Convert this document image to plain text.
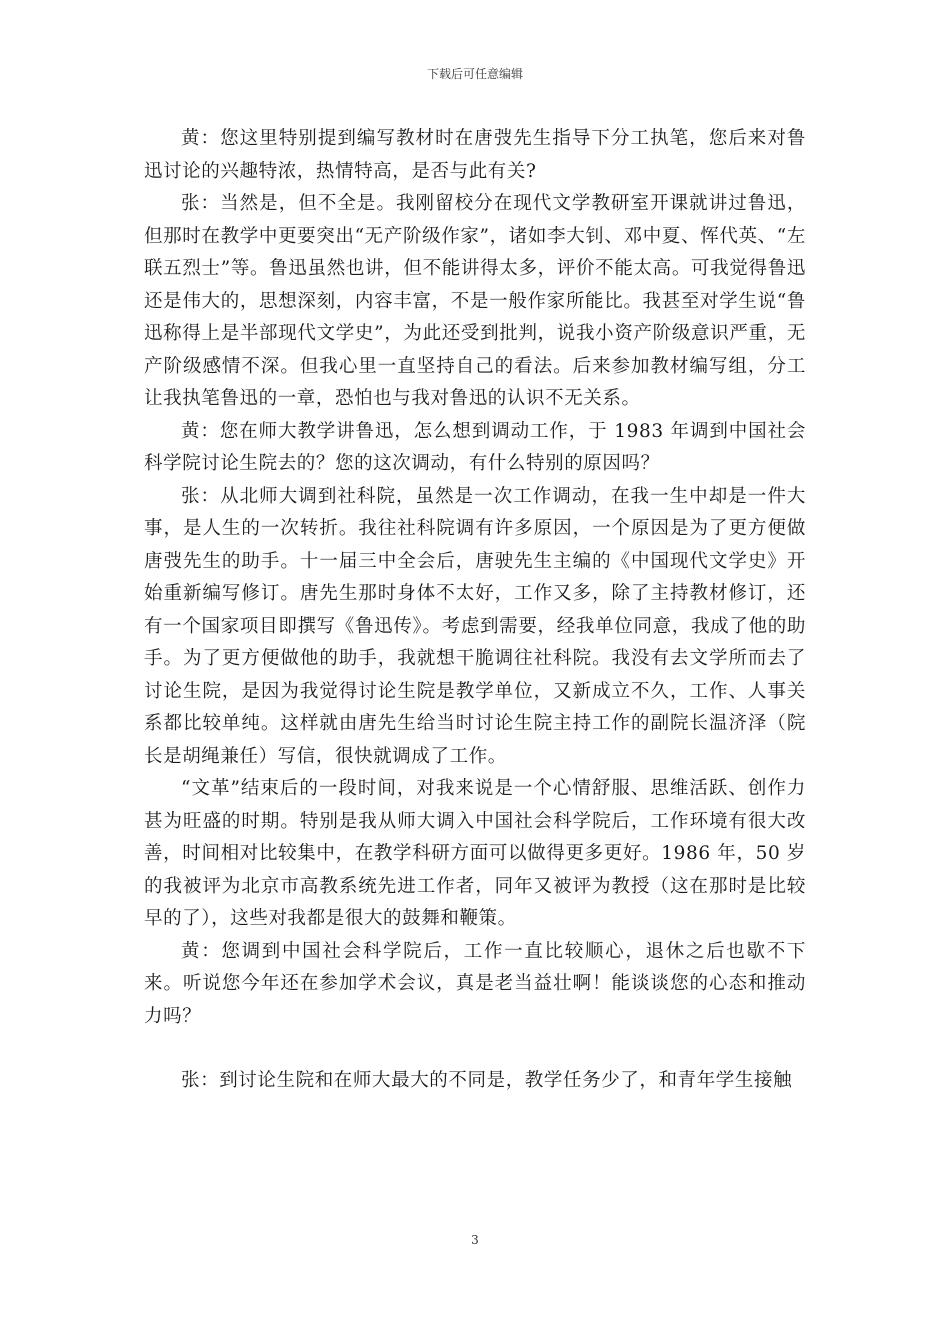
下载后可任意编辑

黄：您这里特别提到编写教材时在唐弢先生指导下分工执笔，您后来对鲁迅讨论的兴趣特浓，热情特高，是否与此有关?

张：当然是，但不全是。我刚留校分在现代文学教研室开课就讲过鲁迅，但那时在教学中更要突出“无产阶级作家”，诸如李大钊、邓中夏、恽代英、“左联五烈士”等。鲁迅虽然也讲，但不能讲得太多，评价不能太高。可我觉得鲁迅还是伟大的，思想深刻，内容丰富，不是一般作家所能比。我甚至对学生说“鲁迅称得上是半部现代文学史”，为此还受到批判，说我小资产阶级意识严重，无产阶级感情不深。但我心里一直坚持自己的看法。后来参加教材编写组，分工让我执笔鲁迅的一章，恐怕也与我对鲁迅的认识不无关系。

黄：您在师大教学讲鲁迅，怎么想到调动工作，于 1983 年调到中国社会科学院讨论生院去的？您的这次调动，有什么特别的原因吗？

张：从北师大调到社科院，虽然是一次工作调动，在我一生中却是一件大事，是人生的一次转折。我往社科院调有许多原因，一个原因是为了更方便做唐弢先生的助手。十一届三中全会后，唐驶先生主编的《中国现代文学史》开始重新编写修订。唐先生那时身体不太好，工作又多，除了主持教材修订，还有一个国家项目即撰写《鲁迅传》。考虑到需要，经我单位同意，我成了他的助手。为了更方便做他的助手，我就想干脆调往社科院。我没有去文学所而去了讨论生院，是因为我觉得讨论生院是教学单位，又新成立不久，工作、人事关系都比较单纯。这样就由唐先生给当时讨论生院主持工作的副院长温济泽（院长是胡绳兼任）写信，很快就调成了工作。

“文革”结束后的一段时间，对我来说是一个心情舒服、思维活跃、创作力甚为旺盛的时期。特别是我从师大调入中国社会科学院后，工作环境有很大改善，时间相对比较集中，在教学科研方面可以做得更多更好。1986 年，50 岁的我被评为北京市高教系统先进工作者，同年又被评为教授（这在那时是比较早的了），这些对我都是很大的鼓舞和鞭策。

黄：您调到中国社会科学院后，工作一直比较顺心，退休之后也歇不下来。听说您今年还在参加学术会议，真是老当益壮啊！能谈谈您的心态和推动力吗？

张：到讨论生院和在师大最大的不同是，教学任务少了，和青年学生接触

3
